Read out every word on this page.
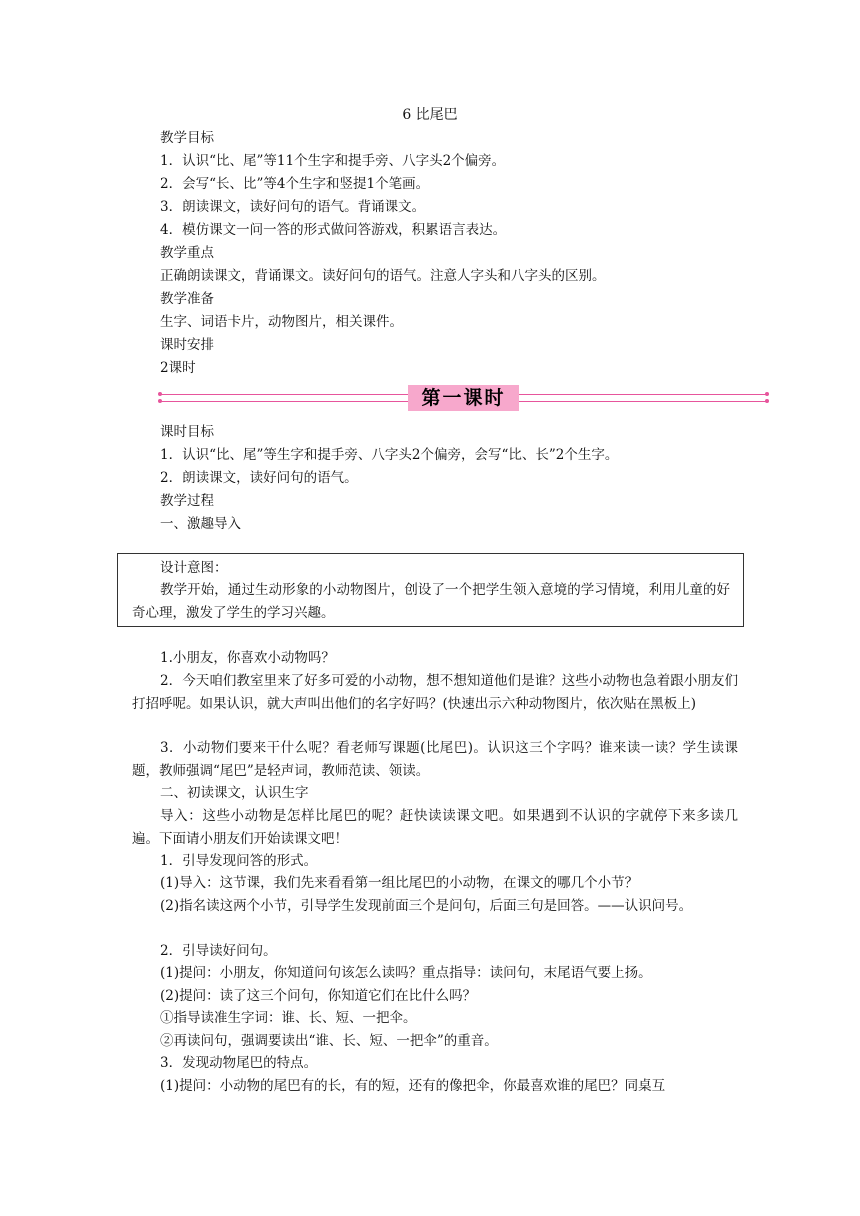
6 比尾巴
教学目标
1．认识“比、尾”等11个生字和提手旁、八字头2个偏旁。
2．会写“长、比”等4个生字和竖提1个笔画。
3．朗读课文，读好问句的语气。背诵课文。
4．模仿课文一问一答的形式做问答游戏，积累语言表达。
教学重点
正确朗读课文，背诵课文。读好问句的语气。注意人字头和八字头的区别。
教学准备
生字、词语卡片，动物图片，相关课件。
课时安排
2课时
第一课时
课时目标
1．认识“比、尾”等生字和提手旁、八字头2个偏旁，会写“比、长”2个生字。
2．朗读课文，读好问句的语气。
教学过程
一、激趣导入
设计意图：
教学开始，通过生动形象的小动物图片，创设了一个把学生领入意境的学习情境，利用儿童的好奇心理，激发了学生的学习兴趣。
1.小朋友，你喜欢小动物吗？
2．今天咱们教室里来了好多可爱的小动物，想不想知道他们是谁？这些小动物也急着跟小朋友们打招呼呢。如果认识，就大声叫出他们的名字好吗？(快速出示六种动物图片，依次贴在黑板上)
3．小动物们要来干什么呢？看老师写课题(比尾巴)。认识这三个字吗？谁来读一读？学生读课题，教师强调“尾巴”是轻声词，教师范读、领读。
二、初读课文，认识生字
导入：这些小动物是怎样比尾巴的呢？赶快读读课文吧。如果遇到不认识的字就停下来多读几遍。下面请小朋友们开始读课文吧！
1．引导发现问答的形式。
(1)导入：这节课，我们先来看看第一组比尾巴的小动物，在课文的哪几个小节？
(2)指名读这两个小节，引导学生发现前面三个是问句，后面三句是回答。——认识问号。
2．引导读好问句。
(1)提问：小朋友，你知道问句该怎么读吗？重点指导：读问句，末尾语气要上扬。
(2)提问：读了这三个问句，你知道它们在比什么吗？
①指导读准生字词：谁、长、短、一把伞。
②再读问句，强调要读出“谁、长、短、一把伞”的重音。
3．发现动物尾巴的特点。
(1)提问：小动物的尾巴有的长，有的短，还有的像把伞，你最喜欢谁的尾巴？同桌互
